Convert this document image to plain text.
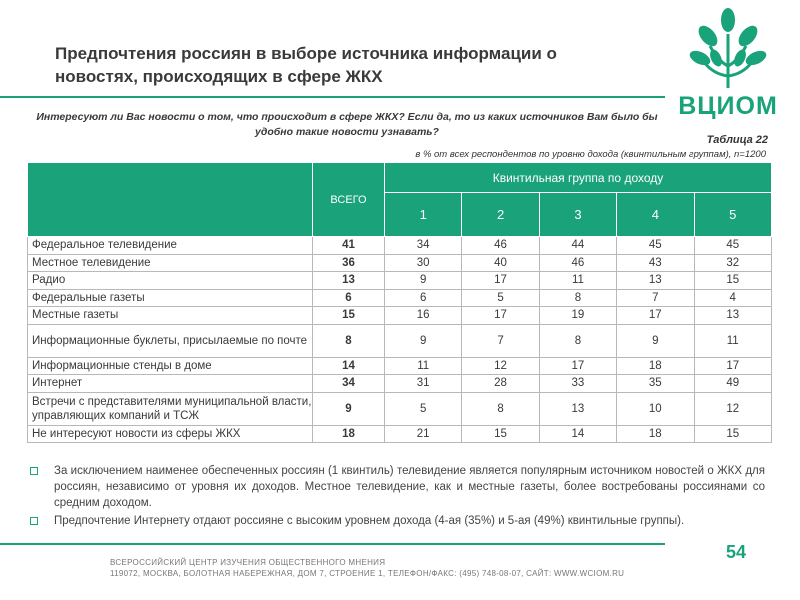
Предпочтения россиян в выборе источника информации о новостях, происходящих в сфере ЖКХ
ВЦИОМ
Интересуют ли Вас новости о том, что происходит в сфере ЖКХ? Если да, то из каких источников Вам было бы удобно такие новости узнавать?
Таблица 22
в % от всех респондентов по уровню дохода (квинтильным группам), n=1200
	ВСЕГО	Квинтильная группа по доходу				
		1	2	3	4	5
Федеральное телевидение	41	34	46	44	45	45
Местное телевидение	36	30	40	46	43	32
Радио	13	9	17	11	13	15
Федеральные газеты	6	6	5	8	7	4
Местные газеты	15	16	17	19	17	13
Информационные буклеты, присылаемые по почте	8	9	7	8	9	11
Информационные стенды в доме	14	11	12	17	18	17
Интернет	34	31	28	33	35	49
Встречи с представителями муниципальной власти, управляющих компаний и ТСЖ	9	5	8	13	10	12
Не интересуют новости из сферы ЖКХ	18	21	15	14	18	15
За исключением наименее обеспеченных россиян (1 квинтиль) телевидение является популярным источником новостей о ЖКХ для россиян, независимо от уровня их доходов. Местное телевидение, как и местные газеты, более востребованы россиянами со средним доходом.
Предпочтение Интернету отдают россияне с высоким уровнем дохода (4-ая (35%) и 5-ая (49%) квинтильные группы).
54
ВСЕРОССИЙСКИЙ ЦЕНТР ИЗУЧЕНИЯ ОБЩЕСТВЕННОГО МНЕНИЯ
119072, МОСКВА, БОЛОТНАЯ НАБЕРЕЖНАЯ, ДОМ 7, СТРОЕНИЕ 1, ТЕЛЕФОН/ФАКС: (495) 748-08-07, САЙТ: WWW.WCIOM.RU
